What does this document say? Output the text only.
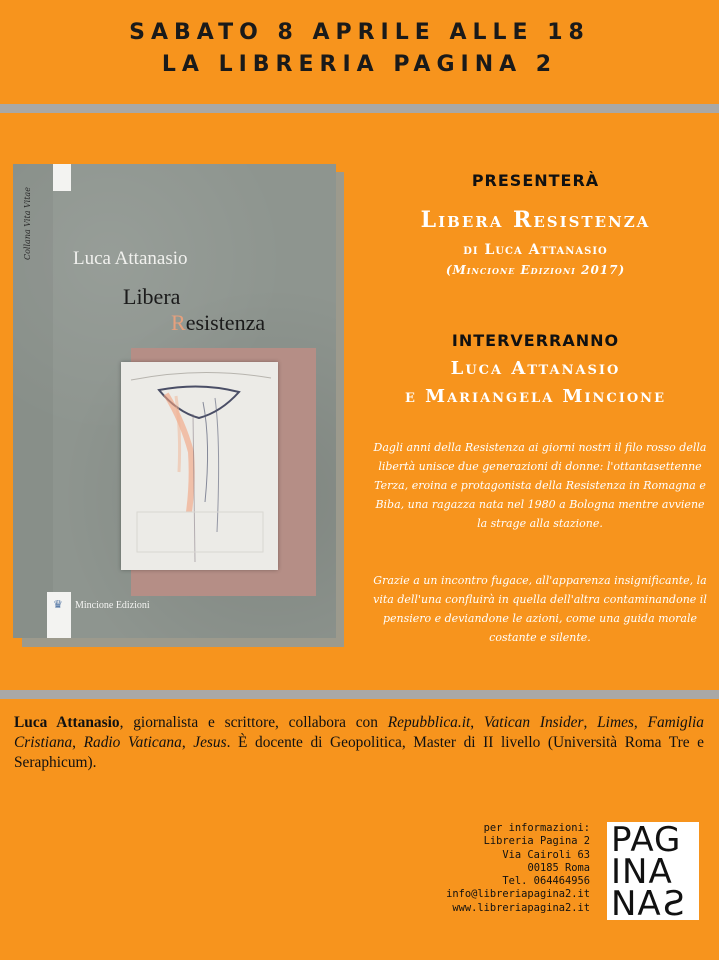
SABATO 8 APRILE ALLE 18
LA LIBRERIA PAGINA 2
Collana Vita Vitae	Luca Attanasio
Libera
Resistenza
♛ Mincione Edizioni
PRESENTERÀ
Libera Resistenza
di Luca Attanasio
(Mincione Edizioni 2017)
INTERVERRANNO
Luca Attanasio
e Mariangela Mincione
Dagli anni della Resistenza ai giorni nostri il filo rosso della libertà unisce due generazioni di donne: l'ottantasettenne Terza, eroina e protagonista della Resistenza in Romagna e Biba, una ragazza nata nel 1980 a Bologna mentre avviene la strage alla stazione.
Grazie a un incontro fugace, all'apparenza insignificante, la vita dell'una confluirà in quella dell'altra contaminandone il pensiero e deviandone le azioni, come una guida morale costante e silente.
Luca Attanasio, giornalista e scrittore, collabora con Repubblica.it, Vatican Insider, Limes, Famiglia Cristiana, Radio Vaticana, Jesus. È docente di Geopolitica, Master di II livello (Università Roma Tre e Seraphicum).
per informazioni:
Libreria Pagina 2
Via Cairoli 63
00185 Roma
Tel. 064464956
info@libreriapagina2.it
www.libreriapagina2.it
PAG
INA
NAS
